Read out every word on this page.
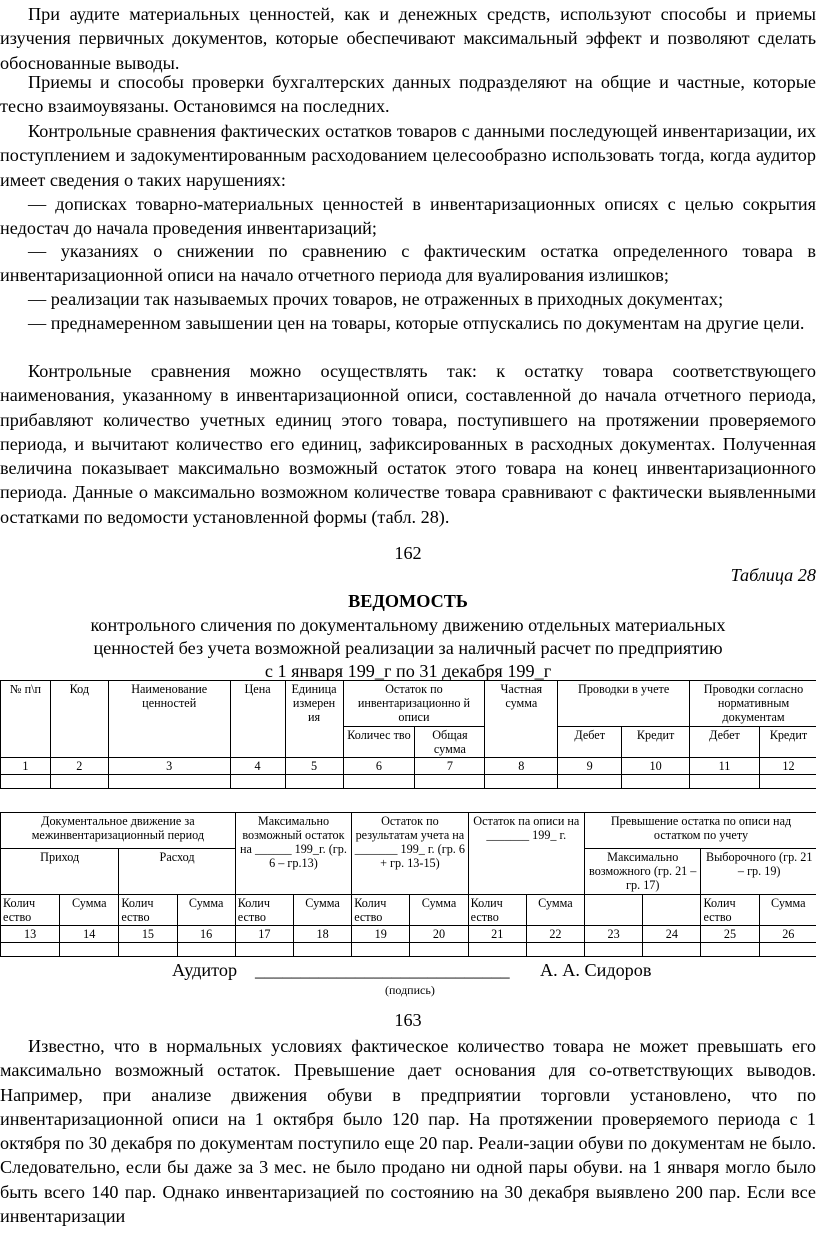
При аудите материальных ценностей, как и денежных средств, используют способы и приемы изучения первичных документов, которые обеспечивают максимальный эффект и позволяют сделать обоснованные выводы.

Приемы и способы проверки бухгалтерских данных подразделяют на общие и частные, которые тесно взаимоувязаны. Остановимся на последних.

Контрольные сравнения фактических остатков товаров с данными последующей инвентаризации, их поступлением и задокументированным расходованием целесообразно использовать тогда, когда аудитор имеет сведения о таких нарушениях:

— дописках товарно-материальных ценностей в инвентаризационных описях с целью сокрытия недостач до начала проведения инвентаризаций;

— указаниях о снижении по сравнению с фактическим остатка определенного товара в инвентаризационной описи на начало отчетного периода для вуалирования излишков;

— реализации так называемых прочих товаров, не отраженных в приходных документах;

— преднамеренном завышении цен на товары, которые отпускались по документам на другие цели.

Контрольные сравнения можно осуществлять так: к остатку товара соответствующего наименования, указанному в инвентаризационной описи, составленной до начала отчетного периода, прибавляют количество учетных единиц этого товара, поступившего на протяжении проверяемого периода, и вычитают количество его единиц, зафиксированных в расходных документах. Полученная величина показывает максимально возможный остаток этого товара на конец инвентаризационного периода. Данные о максимально возможном количестве товара сравнивают с фактически выявленными остатками по ведомости установленной формы (табл. 28).

162
Таблица 28
ВЕДОМОСТЬ
контрольного сличения по документальному движению отдельных материальных
ценностей без учета возможной реализации за наличный расчет по предприятию
с 1 января 199_г по 31 декабря 199_г
№ п\п	Код	Наименование ценностей	Цена	Единица измерен ия	Остаток по инвентаризационно й описи		Частная сумма	Проводки в учете		Проводки согласно нормативным документам	
					Количес тво	Общая сумма		Дебет	Кредит	Дебет	Кредит
1	2	3	4	5	6	7	8	9	10	11	12

Документальное движение за межинвентаризационный период				Максимально возможный остаток на ______ 199_г. (гр. 6 – гр.13)		Остаток по результатам учета на _______ 199_ г. (гр. 6 + гр. 13-15)		Остаток па описи на _______ 199_ г.		Превышение остатка по описи над остатком по учету			
Приход		Расход								Максимально возможного (гр. 21 – гр. 17)		Выборочного (гр. 21 – гр. 19)	
Колич ество	Сумма	Колич ество	Сумма	Колич ество	Сумма	Колич ество	Сумма	Колич ество	Сумма			Колич ество	Сумма
13	14	15	16	17	18	19	20	21	22	23	24	25	26

Аудитор ____________________________ А. А. Сидоров
(подпись)
163

Известно, что в нормальных условиях фактическое количество товара не может превышать его максимально возможный остаток. Превышение дает основания для со-ответствующих выводов. Например, при анализе движения обуви в предприятии торговли установлено, что по инвентаризационной описи на 1 октября было 120 пар. На протяжении проверяемого периода с 1 октября по 30 декабря по документам поступило еще 20 пар. Реали-зации обуви по документам не было. Следовательно, если бы даже за 3 мес. не было продано ни одной пары обуви. на 1 января могло было быть всего 140 пар. Однако инвентаризацией по состоянию на 30 декабря выявлено 200 пар. Если все инвентаризации
